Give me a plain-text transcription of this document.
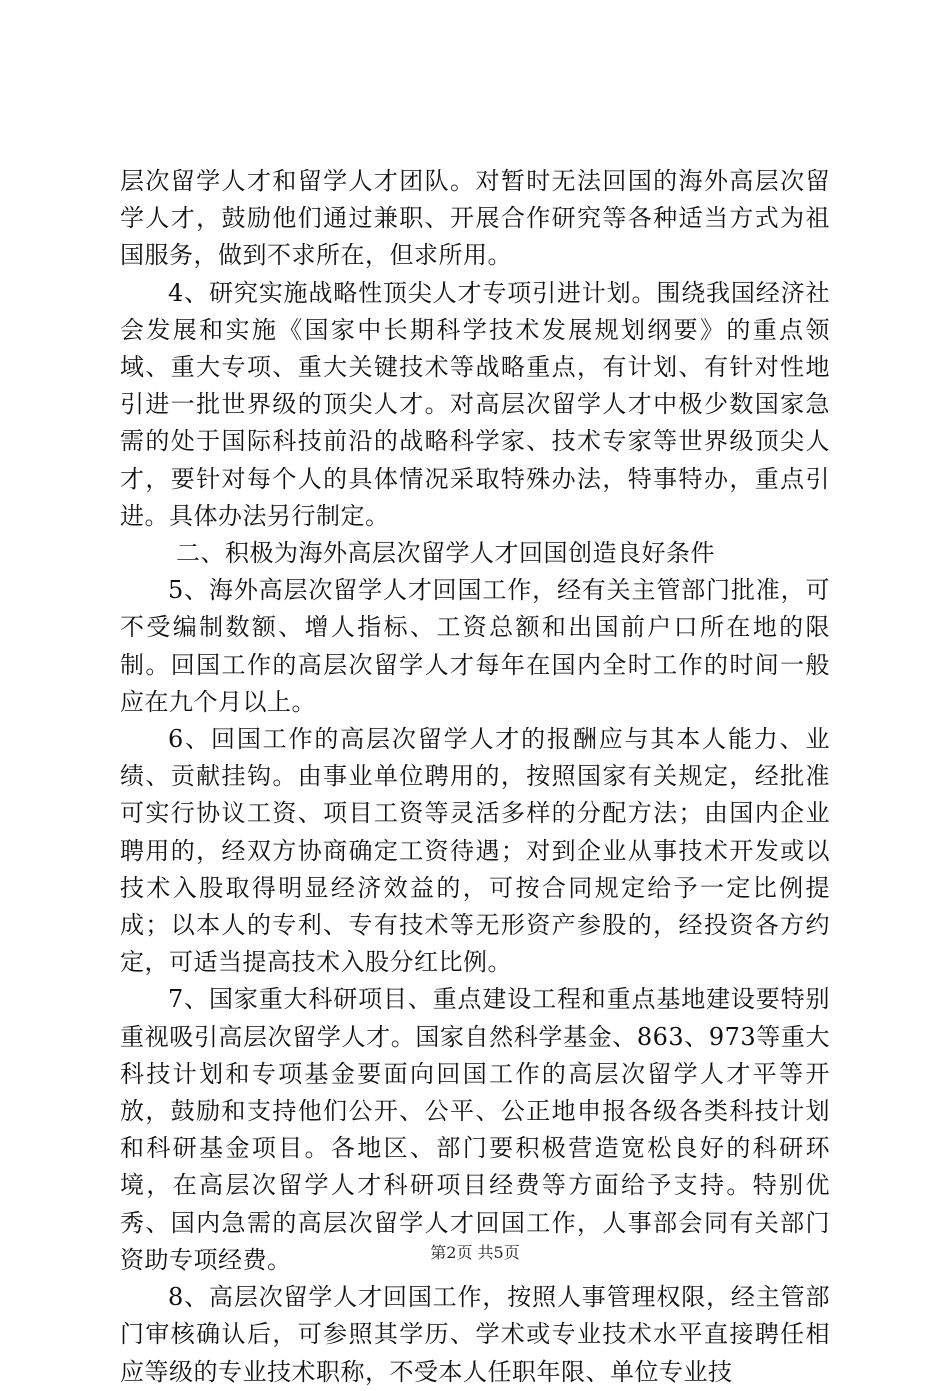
层次留学人才和留学人才团队。对暂时无法回国的海外高层次留学人才，鼓励他们通过兼职、开展合作研究等各种适当方式为祖国服务，做到不求所在，但求所用。

4、研究实施战略性顶尖人才专项引进计划。围绕我国经济社会发展和实施《国家中长期科学技术发展规划纲要》的重点领域、重大专项、重大关键技术等战略重点，有计划、有针对性地引进一批世界级的顶尖人才。对高层次留学人才中极少数国家急需的处于国际科技前沿的战略科学家、技术专家等世界级顶尖人才，要针对每个人的具体情况采取特殊办法，特事特办，重点引进。具体办法另行制定。

二、积极为海外高层次留学人才回国创造良好条件

5、海外高层次留学人才回国工作，经有关主管部门批准，可不受编制数额、增人指标、工资总额和出国前户口所在地的限制。回国工作的高层次留学人才每年在国内全时工作的时间一般应在九个月以上。

6、回国工作的高层次留学人才的报酬应与其本人能力、业绩、贡献挂钩。由事业单位聘用的，按照国家有关规定，经批准可实行协议工资、项目工资等灵活多样的分配方法；由国内企业聘用的，经双方协商确定工资待遇；对到企业从事技术开发或以技术入股取得明显经济效益的，可按合同规定给予一定比例提成；以本人的专利、专有技术等无形资产参股的，经投资各方约定，可适当提高技术入股分红比例。

7、国家重大科研项目、重点建设工程和重点基地建设要特别重视吸引高层次留学人才。国家自然科学基金、863、973等重大科技计划和专项基金要面向回国工作的高层次留学人才平等开放，鼓励和支持他们公开、公平、公正地申报各级各类科技计划和科研基金项目。各地区、部门要积极营造宽松良好的科研环境，在高层次留学人才科研项目经费等方面给予支持。特别优秀、国内急需的高层次留学人才回国工作，人事部会同有关部门资助专项经费。

8、高层次留学人才回国工作，按照人事管理权限，经主管部门审核确认后，可参照其学历、学术或专业技术水平直接聘任相应等级的专业技术职称，不受本人任职年限、单位专业技

第2页 共5页
